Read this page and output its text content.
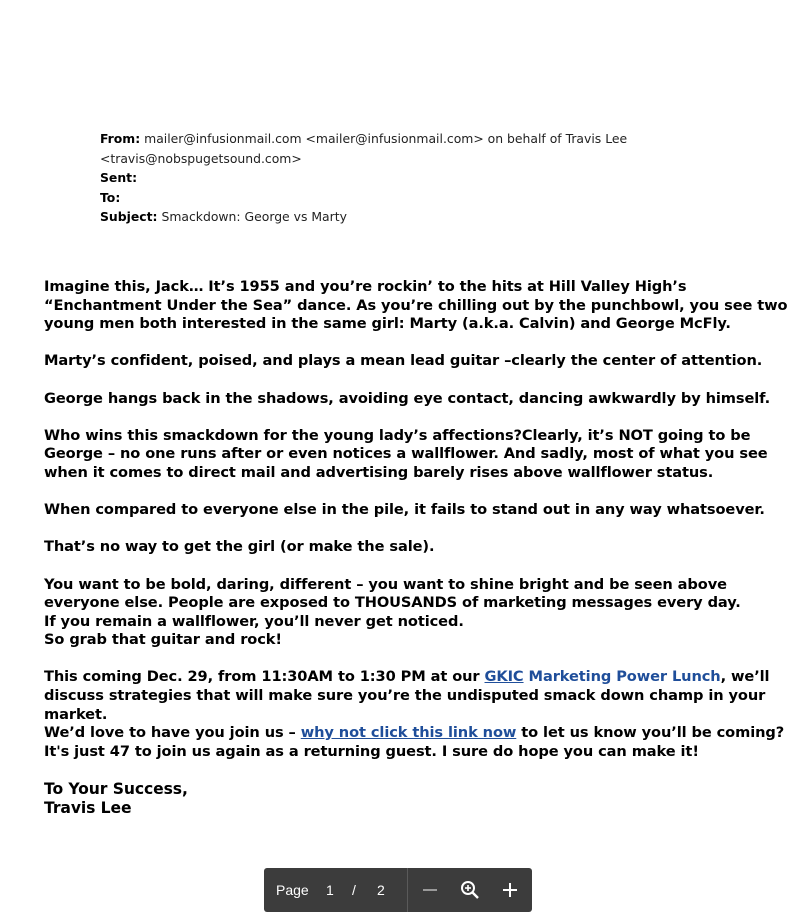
From: mailer@infusionmail.com <mailer@infusionmail.com> on behalf of Travis Lee
<travis@nobspugetsound.com>
Sent:
To:
Subject: Smackdown: George vs Marty

Imagine this, Jack… It’s 1955 and you’re rockin’ to the hits at Hill Valley High’s
“Enchantment Under the Sea” dance. As you’re chilling out by the punchbowl, you see two
young men both interested in the same girl: Marty (a.k.a. Calvin) and George McFly.

Marty’s confident, poised, and plays a mean lead guitar –clearly the center of attention.

George hangs back in the shadows, avoiding eye contact, dancing awkwardly by himself.

Who wins this smackdown for the young lady’s affections?Clearly, it’s NOT going to be
George – no one runs after or even notices a wallflower. And sadly, most of what you see
when it comes to direct mail and advertising barely rises above wallflower status.

When compared to everyone else in the pile, it fails to stand out in any way whatsoever.

That’s no way to get the girl (or make the sale).

You want to be bold, daring, different – you want to shine bright and be seen above
everyone else. People are exposed to THOUSANDS of marketing messages every day.
If you remain a wallflower, you’ll never get noticed.
So grab that guitar and rock!

This coming Dec. 29, from 11:30AM to 1:30 PM at our GKIC Marketing Power Lunch, we’ll
discuss strategies that will make sure you’re the undisputed smack down champ in your
market.
We’d love to have you join us – why not click this link now to let us know you’ll be coming?
It's just 47 to join us again as a returning guest. I sure do hope you can make it!

To Your Success,
Travis Lee
Page 1 / 2
